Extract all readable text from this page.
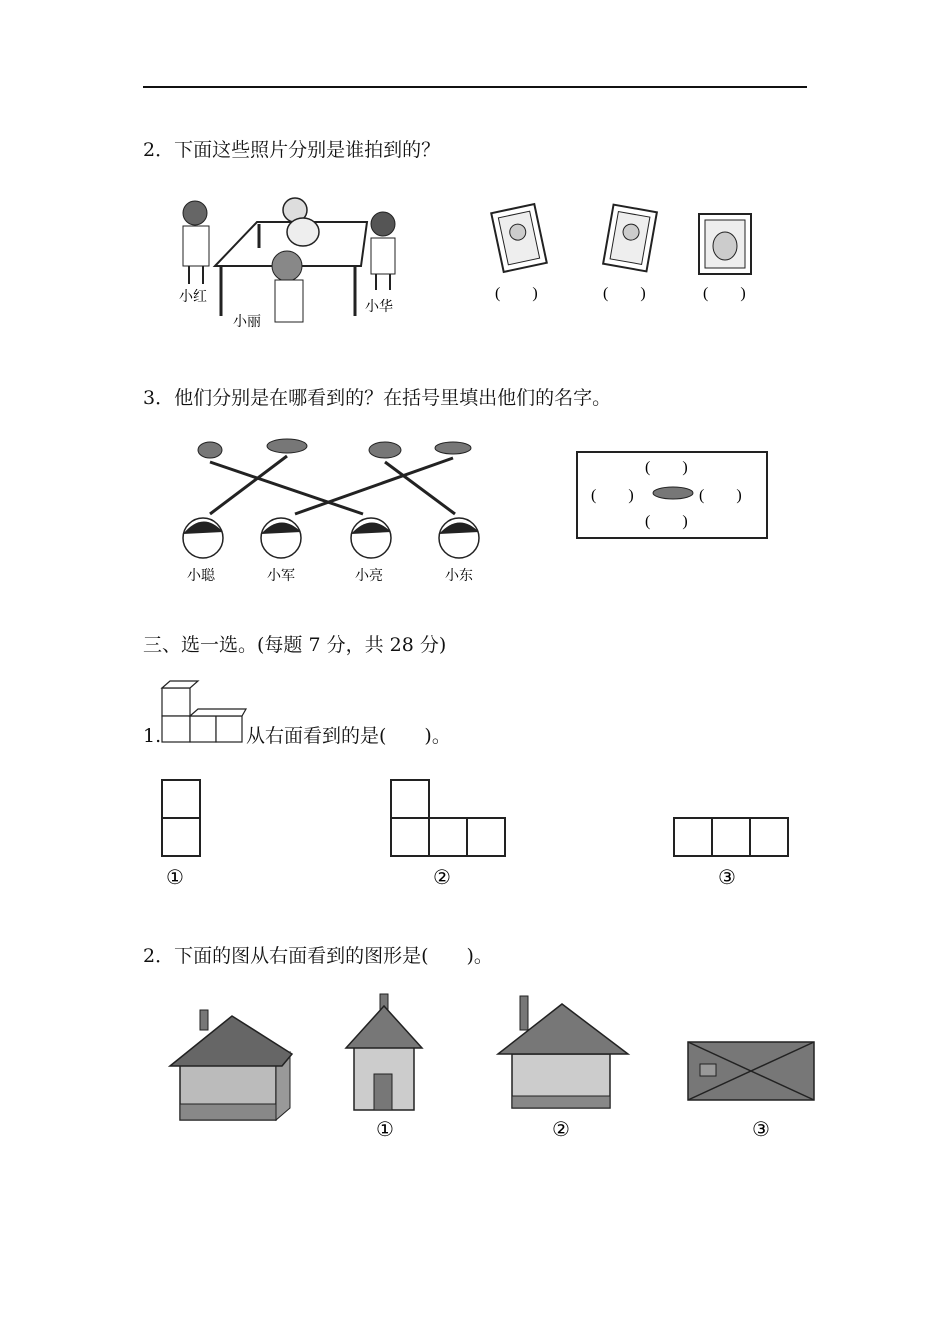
2．下面这些照片分别是谁拍到的？
小红
小丽
小华
(　　)	(　　)	(　　)
3．他们分别是在哪看到的？在括号里填出他们的名字。
小聪	小军	小亮	小东
(　　)
(　　)	(　　)
(　　)
三、选一选。(每题 7 分，共 28 分)
1.	从右面看到的是(　　)。
①	②	③
2．下面的图从右面看到的图形是(　　)。
①	②	③
